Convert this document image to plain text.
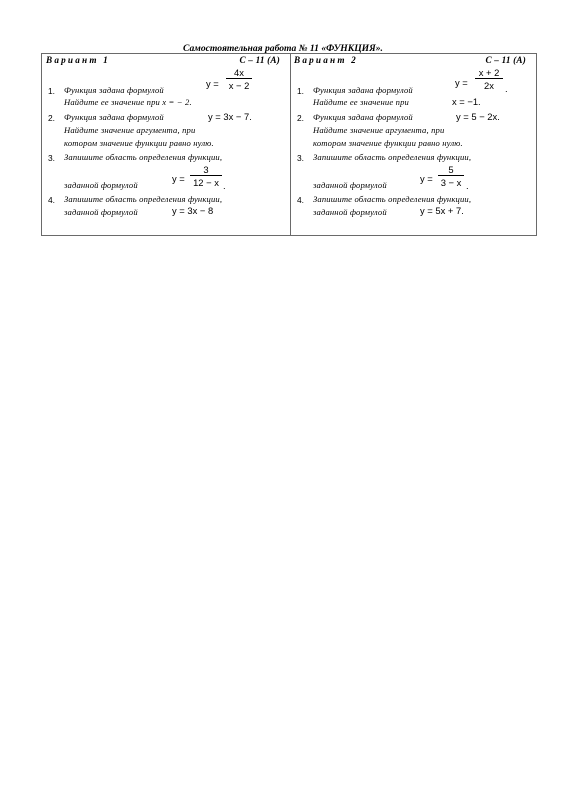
Самостоятельная работа № 11 «ФУНКЦИЯ».
Вариант 1	С – 11 (А)
1. Функция задана формулой
Найдите ее значение при x = − 2.
y =
4x
x − 2
2. Функция задана формулой
Найдите значение аргумента, при
котором значение функции равно нулю.
y = 3x − 7.
3. Запишите область определения функции,
заданной формулой
y =
3
12 − x .
4. Запишите область определения функции,
заданной формулой	y = 3x − 8
Вариант 2	С – 11 (А)
1. Функция задана формулой
Найдите ее значение при	x = −1.
y =
x + 2
2x	.
2. Функция задана формулой
Найдите значение аргумента, при
котором значение функции равно нулю.
y = 5 − 2x.
3. Запишите область определения функции,
заданной формулой
y =
5
3 − x .
4. Запишите область определения функции,
заданной формулой	y = 5x + 7.
